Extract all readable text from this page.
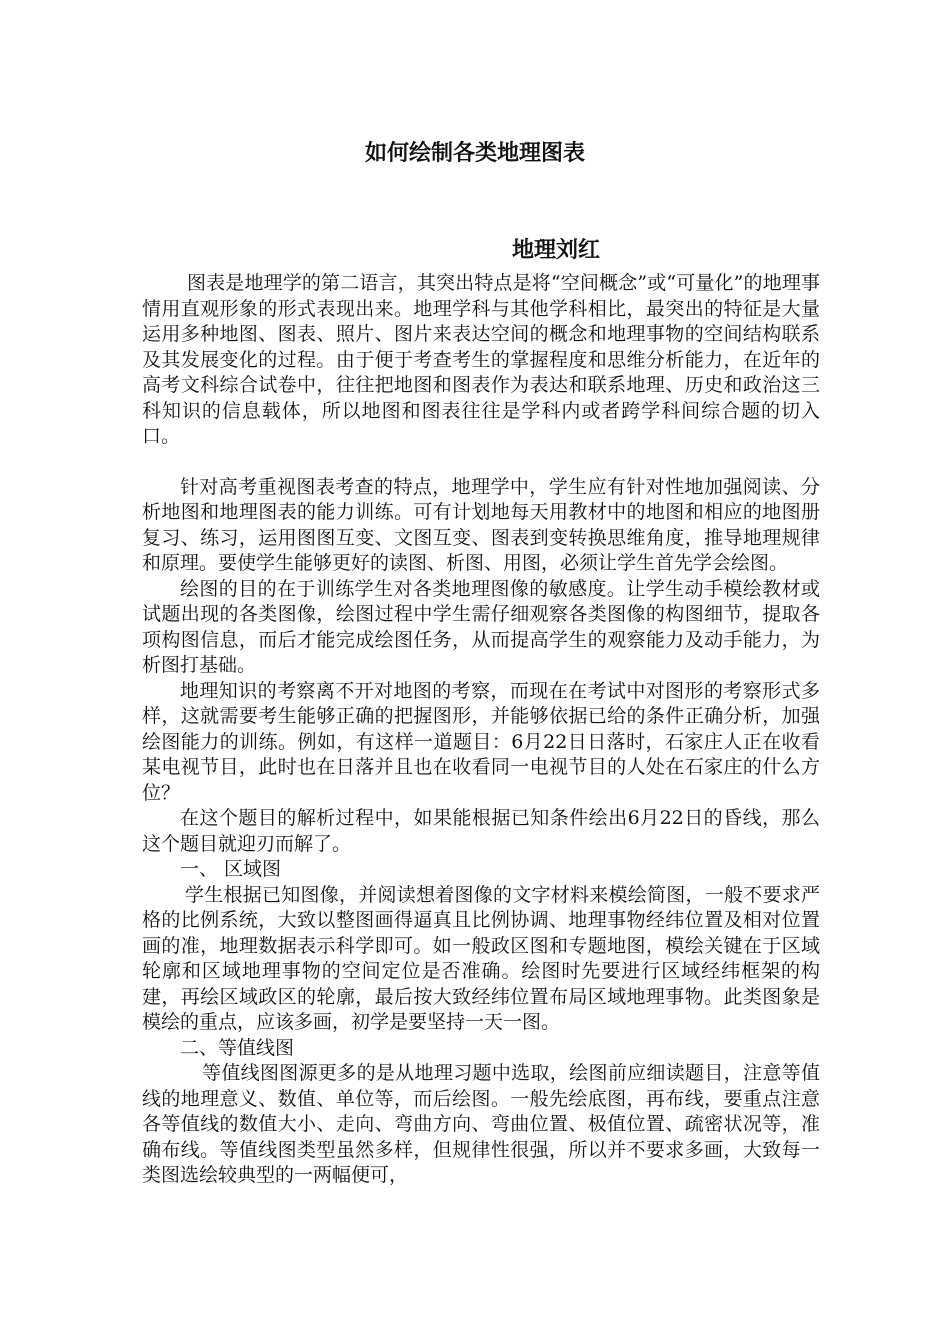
如何绘制各类地理图表
地理刘红

图表是地理学的第二语言，其突出特点是将“空间概念”或“可量化”的地理事情用直观形象的形式表现出来。地理学科与其他学科相比，最突出的特征是大量运用多种地图、图表、照片、图片来表达空间的概念和地理事物的空间结构联系及其发展变化的过程。由于便于考查考生的掌握程度和思维分析能力，在近年的高考文科综合试卷中，往往把地图和图表作为表达和联系地理、历史和政治这三科知识的信息载体，所以地图和图表往往是学科内或者跨学科间综合题的切入口。

针对高考重视图表考查的特点，地理学中，学生应有针对性地加强阅读、分析地图和地理图表的能力训练。可有计划地每天用教材中的地图和相应的地图册复习、练习，运用图图互变、文图互变、图表到变转换思维角度，推导地理规律和原理。要使学生能够更好的读图、析图、用图，必须让学生首先学会绘图。

绘图的目的在于训练学生对各类地理图像的敏感度。让学生动手模绘教材或试题出现的各类图像，绘图过程中学生需仔细观察各类图像的构图细节，提取各项构图信息，而后才能完成绘图任务，从而提高学生的观察能力及动手能力，为析图打基础。

地理知识的考察离不开对地图的考察，而现在在考试中对图形的考察形式多样，这就需要考生能够正确的把握图形，并能够依据已给的条件正确分析，加强绘图能力的训练。例如，有这样一道题目：6月22日日落时，石家庄人正在收看某电视节目，此时也在日落并且也在收看同一电视节目的人处在石家庄的什么方位？

在这个题目的解析过程中，如果能根据已知条件绘出6月22日的昏线，那么这个题目就迎刃而解了。

一、 区域图

学生根据已知图像，并阅读想着图像的文字材料来模绘简图，一般不要求严格的比例系统，大致以整图画得逼真且比例协调、地理事物经纬位置及相对位置画的准，地理数据表示科学即可。如一般政区图和专题地图，模绘关键在于区域轮廓和区域地理事物的空间定位是否准确。绘图时先要进行区域经纬框架的构建，再绘区域政区的轮廓，最后按大致经纬位置布局区域地理事物。此类图象是模绘的重点，应该多画，初学是要坚持一天一图。

二、等值线图

等值线图图源更多的是从地理习题中选取，绘图前应细读题目，注意等值线的地理意义、数值、单位等，而后绘图。一般先绘底图，再布线，要重点注意各等值线的数值大小、走向、弯曲方向、弯曲位置、极值位置、疏密状况等，准确布线。等值线图类型虽然多样，但规律性很强，所以并不要求多画，大致每一类图选绘较典型的一两幅便可，
